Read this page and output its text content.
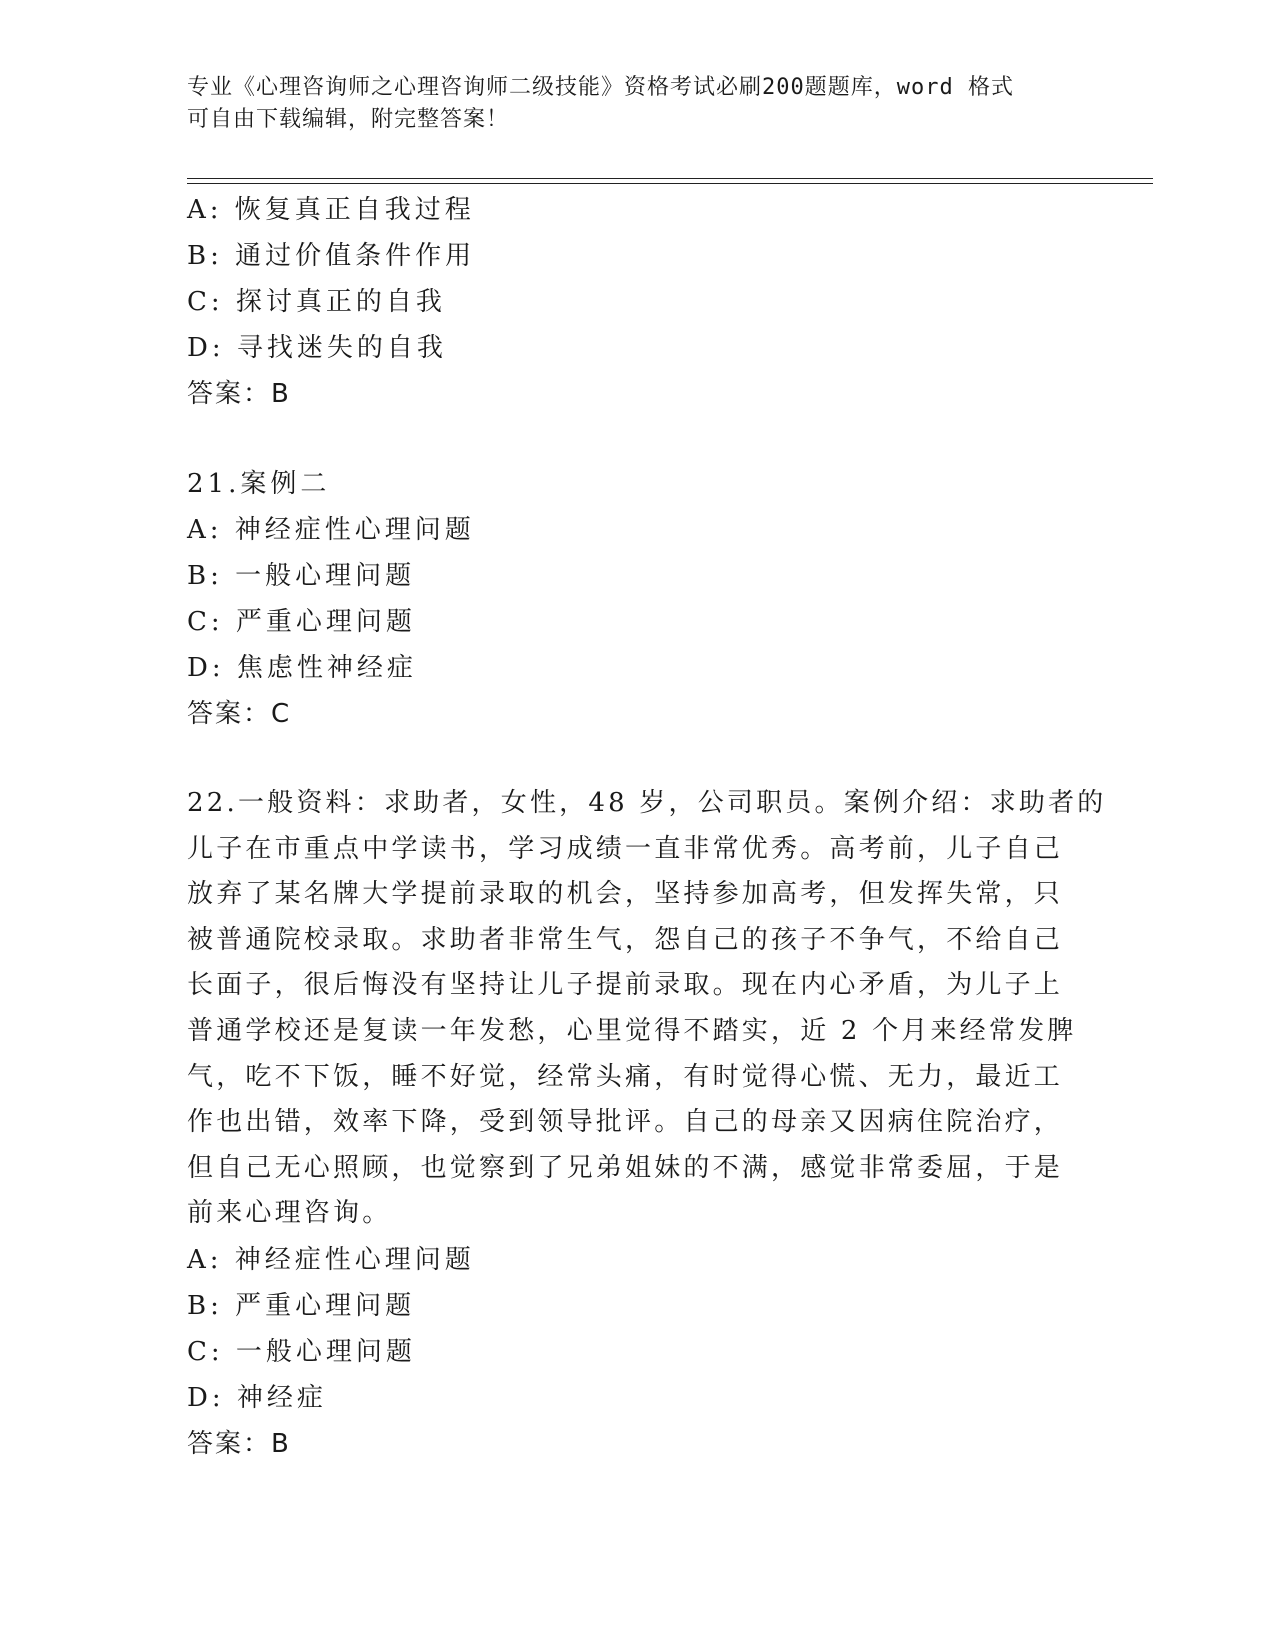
专业《心理咨询师之心理咨询师二级技能》资格考试必刷200题题库，word 格式
可自由下载编辑，附完整答案！

A: 恢复真正自我过程

B: 通过价值条件作用

C: 探讨真正的自我

D: 寻找迷失的自我

答案：B

21.案例二

A: 神经症性心理问题

B: 一般心理问题

C: 严重心理问题

D: 焦虑性神经症

答案：C

22.一般资料：求助者，女性，48 岁，公司职员。案例介绍：求助者的

儿子在市重点中学读书，学习成绩一直非常优秀。高考前，儿子自己

放弃了某名牌大学提前录取的机会，坚持参加高考，但发挥失常，只

被普通院校录取。求助者非常生气，怨自己的孩子不争气，不给自己

长面子，很后悔没有坚持让儿子提前录取。现在内心矛盾，为儿子上

普通学校还是复读一年发愁，心里觉得不踏实，近 2 个月来经常发脾

气，吃不下饭，睡不好觉，经常头痛，有时觉得心慌、无力，最近工

作也出错，效率下降，受到领导批评。自己的母亲又因病住院治疗，

但自己无心照顾，也觉察到了兄弟姐妹的不满，感觉非常委屈，于是

前来心理咨询。

A: 神经症性心理问题

B: 严重心理问题

C: 一般心理问题

D: 神经症

答案：B
